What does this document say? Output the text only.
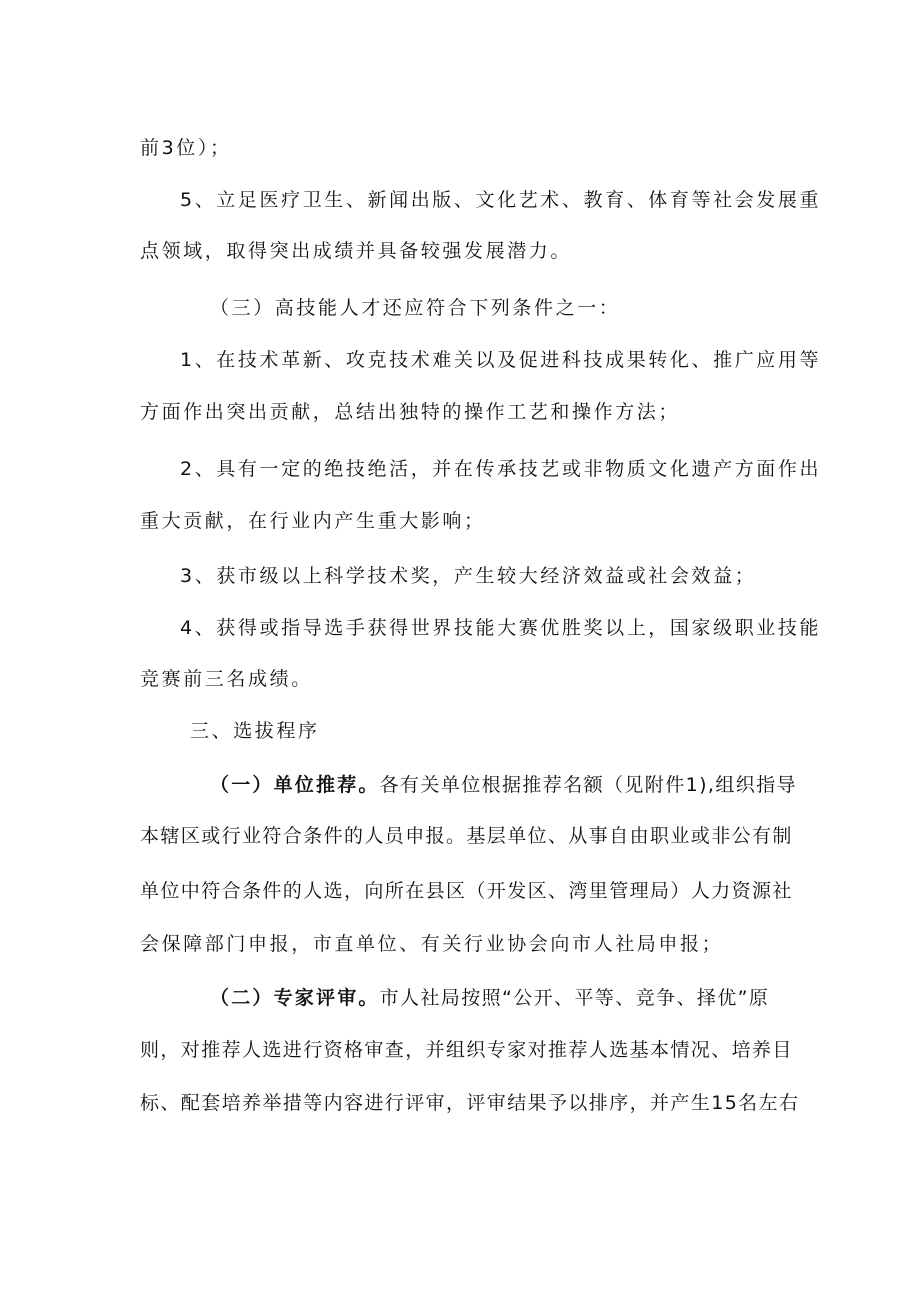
前3位）；
5、立足医疗卫生、新闻出版、文化艺术、教育、体育等社会发展重
点领域，取得突出成绩并具备较强发展潜力。
（三）高技能人才还应符合下列条件之一：
1、在技术革新、攻克技术难关以及促进科技成果转化、推广应用等
方面作出突出贡献，总结出独特的操作工艺和操作方法；
2、具有一定的绝技绝活，并在传承技艺或非物质文化遗产方面作出
重大贡献，在行业内产生重大影响；
3、获市级以上科学技术奖，产生较大经济效益或社会效益；
4、获得或指导选手获得世界技能大赛优胜奖以上，国家级职业技能
竞赛前三名成绩。
三、选拔程序
（一）单位推荐。各有关单位根据推荐名额（见附件1),组织指导
本辖区或行业符合条件的人员申报。基层单位、从事自由职业或非公有制
单位中符合条件的人选，向所在县区（开发区、湾里管理局）人力资源社
会保障部门申报，市直单位、有关行业协会向市人社局申报；
（二）专家评审。市人社局按照“公开、平等、竞争、择优”原
则，对推荐人选进行资格审查，并组织专家对推荐人选基本情况、培养目
标、配套培养举措等内容进行评审，评审结果予以排序，并产生15名左右
